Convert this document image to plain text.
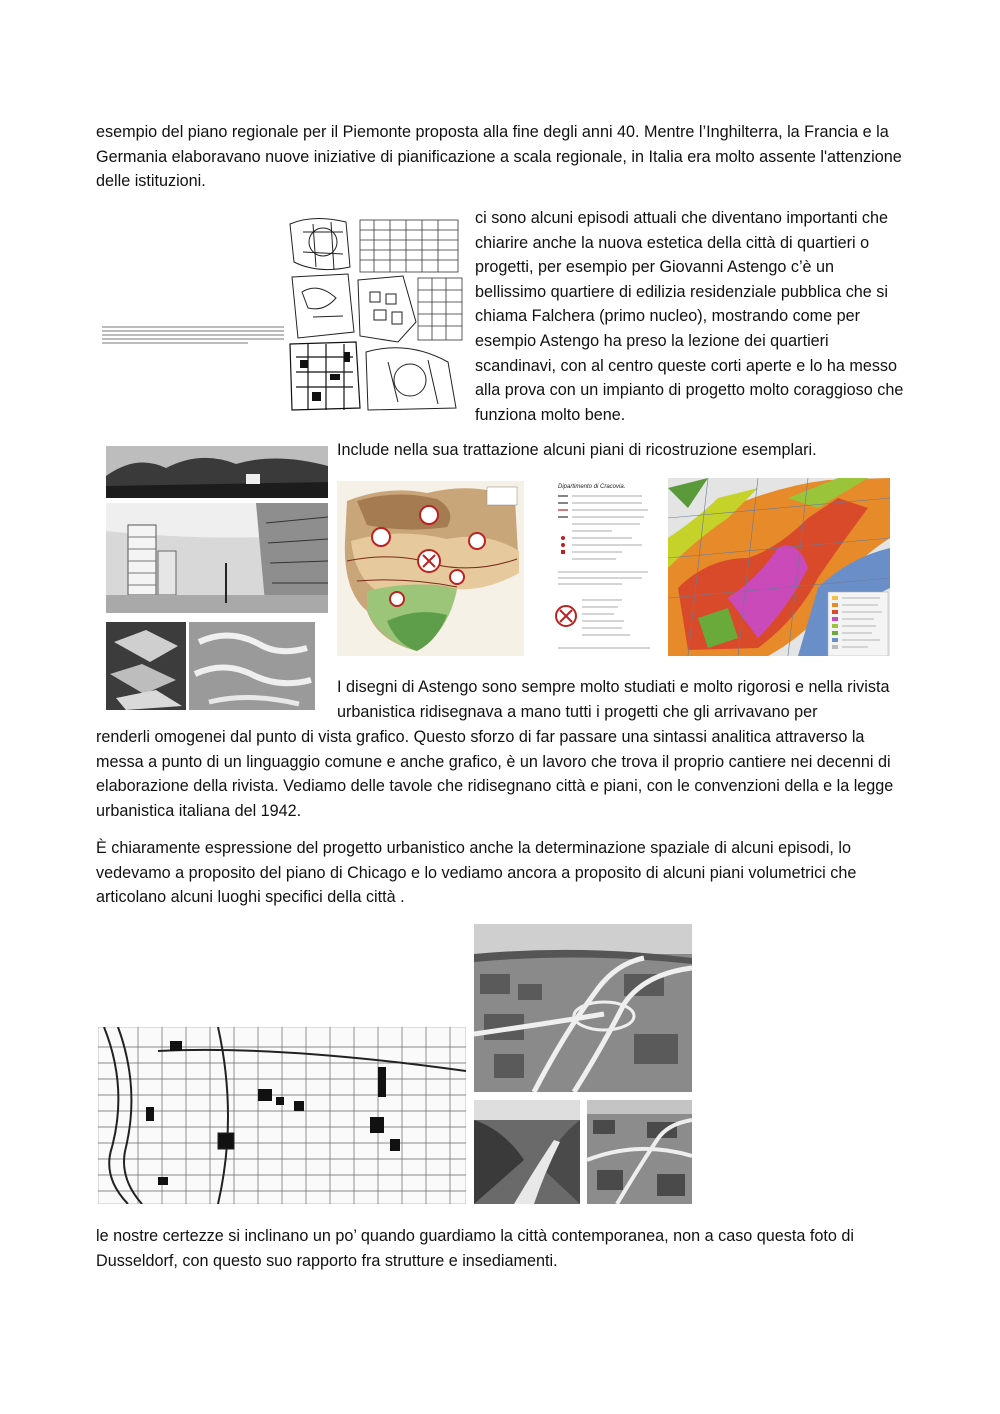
esempio del piano regionale per il Piemonte proposta alla fine degli anni 40. Mentre l’Inghilterra, la Francia e la Germania elaboravano nuove iniziative di pianificazione a scala regionale, in Italia era molto assente l'attenzione delle istituzioni.
ci sono alcuni episodi attuali che diventano importanti che chiarire anche la nuova estetica della città di quartieri o progetti, per esempio per Giovanni Astengo c’è un bellissimo quartiere di edilizia residenziale pubblica che si chiama Falchera (primo nucleo), mostrando come per esempio Astengo ha preso la lezione dei quartieri scandinavi, con al centro queste corti aperte e lo ha messo alla prova con un impianto di progetto molto coraggioso che funziona molto bene.
Include nella sua trattazione alcuni piani di ricostruzione esemplari.
Dipartimento di Cracovia.
I disegni di Astengo sono sempre molto studiati e molto rigorosi e nella rivista urbanistica ridisegnava a mano tutti i progetti che gli arrivavano per
renderli omogenei dal punto di vista grafico. Questo sforzo di far passare una sintassi analitica attraverso la messa a punto di un linguaggio comune e anche grafico, è un lavoro che trova il proprio cantiere nei decenni di elaborazione della rivista. Vediamo delle tavole che ridisegnano città e piani, con le convenzioni della e la legge urbanistica italiana del 1942.
È chiaramente espressione del progetto urbanistico anche la determinazione spaziale di alcuni episodi, lo vedevamo a proposito del piano di Chicago e lo vediamo ancora a proposito di alcuni piani volumetrici che articolano alcuni luoghi specifici della città .
le nostre certezze si inclinano un po’ quando guardiamo la città contemporanea, non a caso questa foto di Dusseldorf, con questo suo rapporto fra strutture e insediamenti.
